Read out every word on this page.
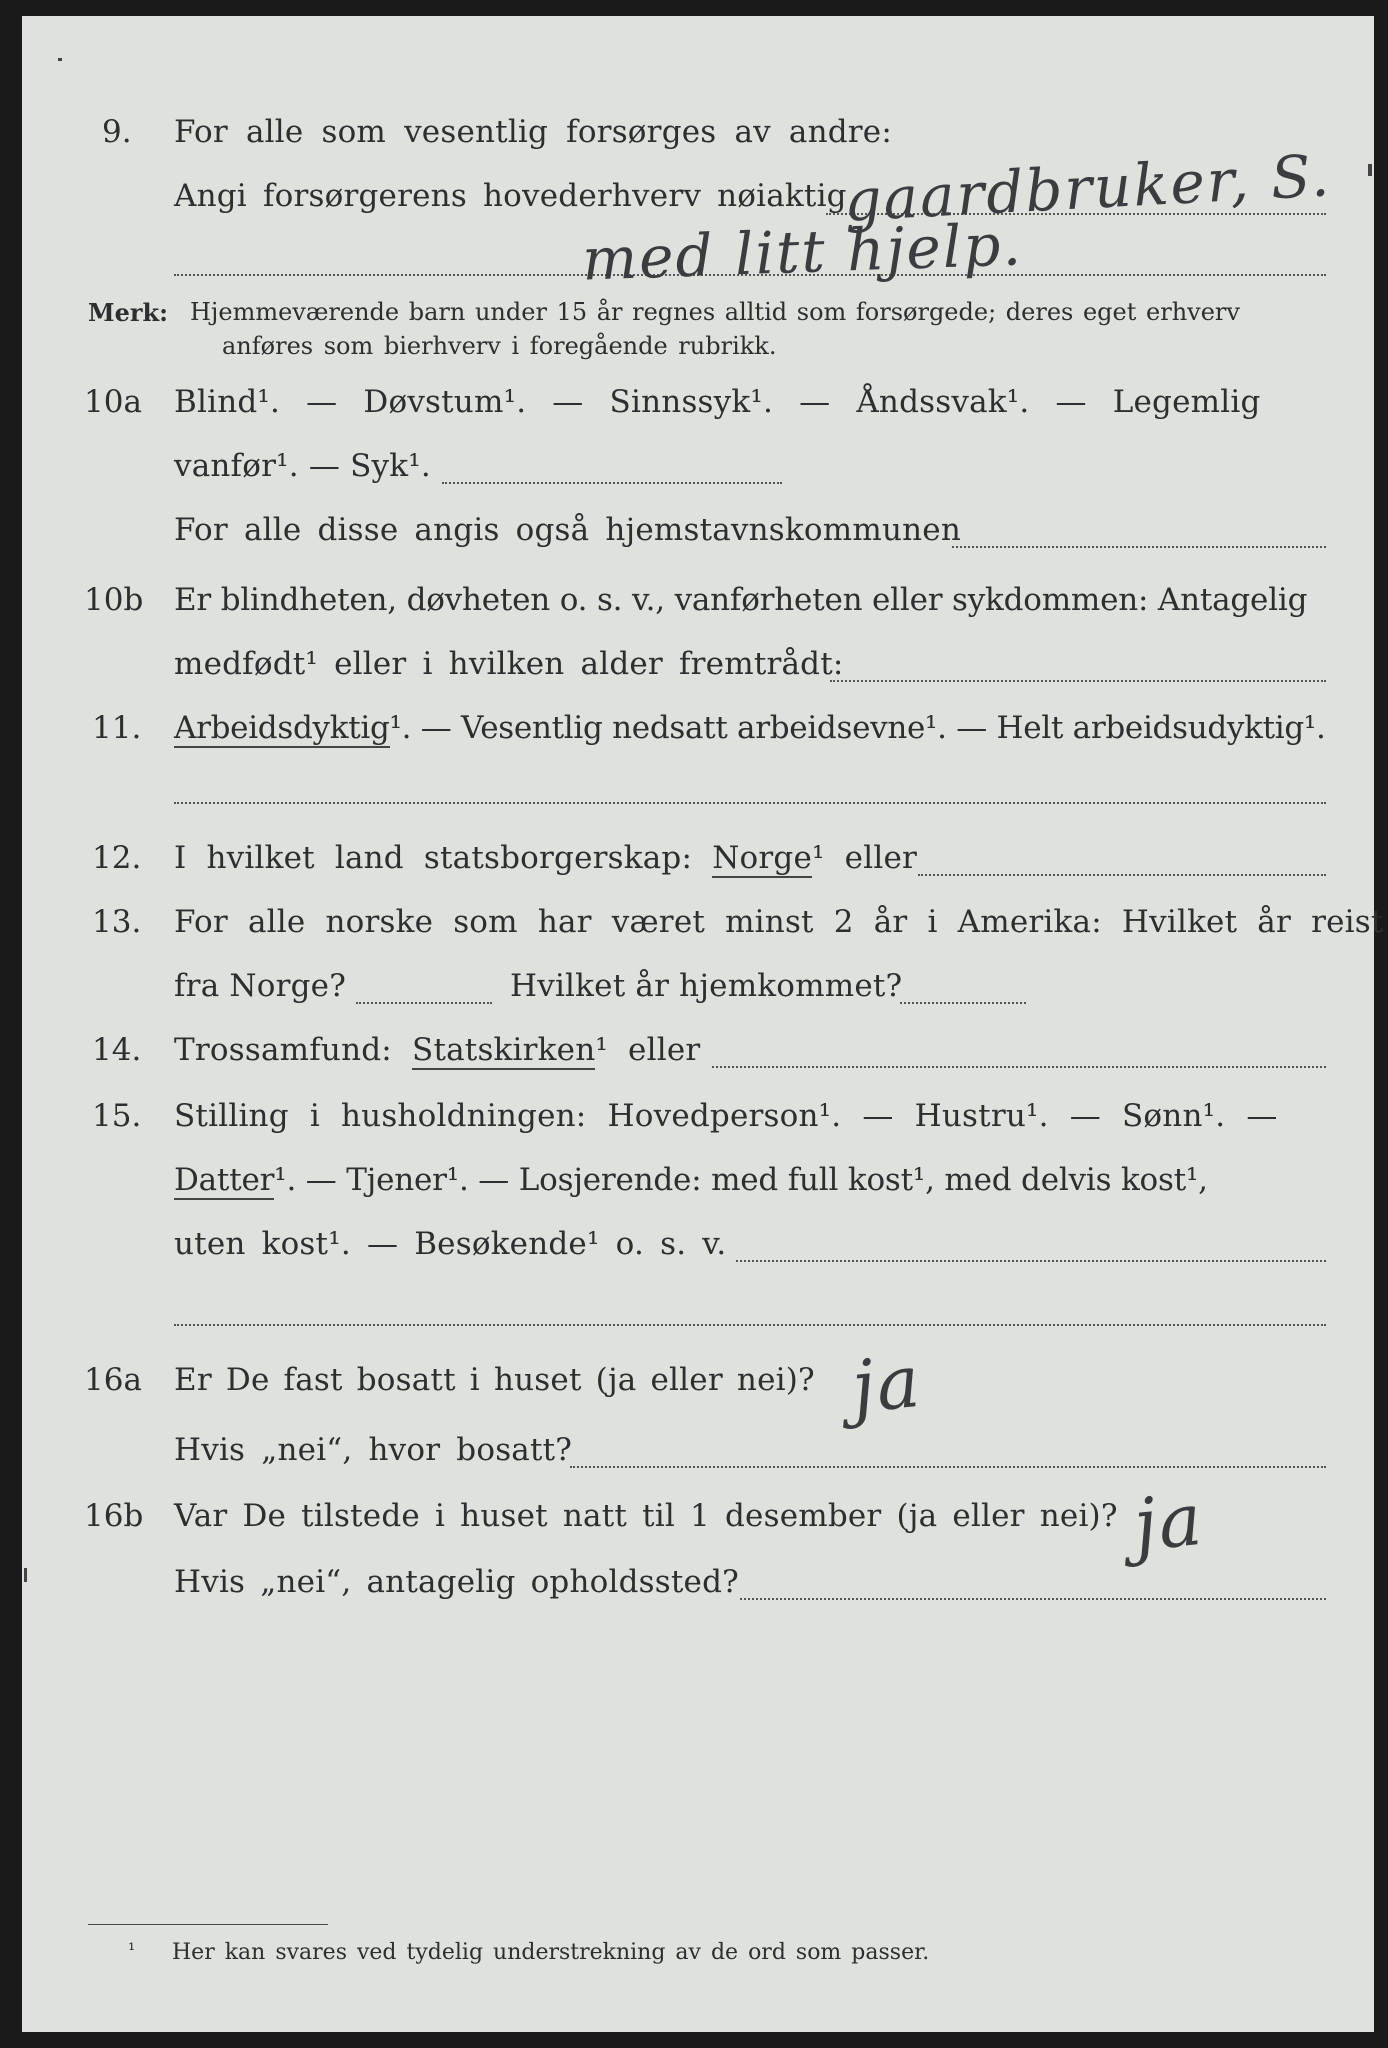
9. For alle som vesentlig forsørges av andre:
Angi forsørgerens hovederhverv nøiaktig
gaardbruker, S.
med litt hjelp.
Merk: Hjemmeværende barn under 15 år regnes alltid som forsørgede; deres eget erhverv
anføres som bierhverv i foregående rubrikk.
10a Blind¹. — Døvstum¹. — Sinnssyk¹. — Åndssvak¹. — Legemlig
vanfør¹. — Syk¹.
For alle disse angis også hjemstavnskommunen
10b Er blindheten, døvheten o. s. v., vanførheten eller sykdommen: Antagelig
medfødt¹ eller i hvilken alder fremtrådt:
11. Arbeidsdyktig¹. — Vesentlig nedsatt arbeidsevne¹. — Helt arbeidsudyktig¹.
12. I hvilket land statsborgerskap: Norge¹ eller
13. For alle norske som har været minst 2 år i Amerika: Hvilket år reist
fra Norge?	Hvilket år hjemkommet?
14. Trossamfund: Statskirken¹ eller
15. Stilling i husholdningen: Hovedperson¹. — Hustru¹. — Sønn¹. —
Datter¹. — Tjener¹. — Losjerende: med full kost¹, med delvis kost¹,
uten kost¹. — Besøkende¹ o. s. v.
16a Er De fast bosatt i huset (ja eller nei)? ja
Hvis „nei“, hvor bosatt?
16b Var De tilstede i huset natt til 1 desember (ja eller nei)? ja
Hvis „nei“, antagelig opholdssted?
¹ Her kan svares ved tydelig understrekning av de ord som passer.
